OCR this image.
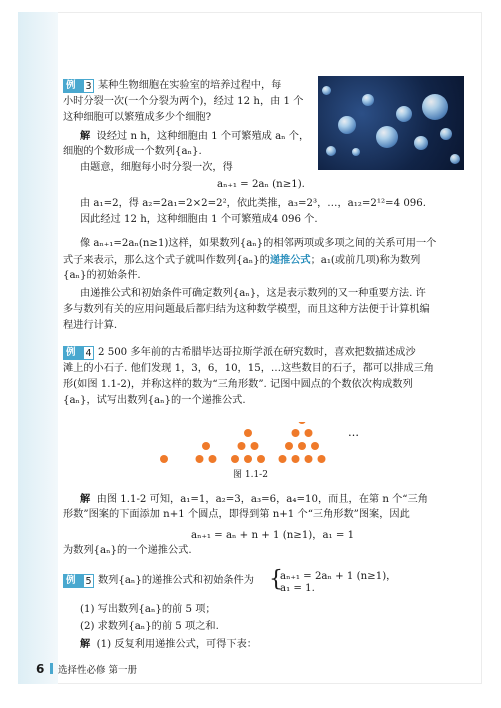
例	3 某种生物细胞在实验室的培养过程中，每
小时分裂一次(一个分裂为两个)，经过 12 h，由 1 个
这种细胞可以繁殖成多少个细胞?
解 设经过 n h，这种细胞由 1 个可繁殖成 aₙ 个，
细胞的个数形成一个数列{aₙ}.
由题意，细胞每小时分裂一次，得
aₙ₊₁ = 2aₙ (n≥1).
由 a₁=2，得 a₂=2a₁=2×2=2²，依此类推，a₃=2³，…，a₁₂=2¹²=4 096.
因此经过 12 h，这种细胞由 1 个可繁殖成4 096 个.
像 aₙ₊₁=2aₙ(n≥1)这样，如果数列{aₙ}的相邻两项或多项之间的关系可用一个
式子来表示，那么这个式子就叫作数列{aₙ}的递推公式；a₁(或前几项)称为数列
{aₙ}的初始条件.
由递推公式和初始条件可确定数列{aₙ}，这是表示数列的又一种重要方法. 许
多与数列有关的应用问题最后都归结为这种数学模型，而且这种方法便于计算机编
程进行计算.
例	4 2 500 多年前的古希腊毕达哥拉斯学派在研究数时，喜欢把数描述成沙
滩上的小石子. 他们发现 1，3，6，10，15，…这些数目的石子，都可以排成三角
形(如图 1.1-2)，并称这样的数为“三角形数”. 记图中圆点的个数依次构成数列
{aₙ}，试写出数列{aₙ}的一个递推公式.
解 由图 1.1-2 可知，a₁=1，a₂=3，a₃=6，a₄=10，而且，在第 n 个“三角
形数”图案的下面添加 n+1 个圆点，即得到第 n+1 个“三角形数”图案，因此
aₙ₊₁ = aₙ + n + 1 (n≥1)，a₁ = 1
为数列{aₙ}的一个递推公式.
例	5 数列{aₙ}的递推公式和初始条件为 {
aₙ₊₁ = 2aₙ + 1 (n≥1)，
a₁ = 1.
(1) 写出数列{aₙ}的前 5 项；
(2) 求数列{aₙ}的前 5 项之和.
解 (1) 反复利用递推公式，可得下表：
…
图 1.1-2
6 选择性必修 第一册
